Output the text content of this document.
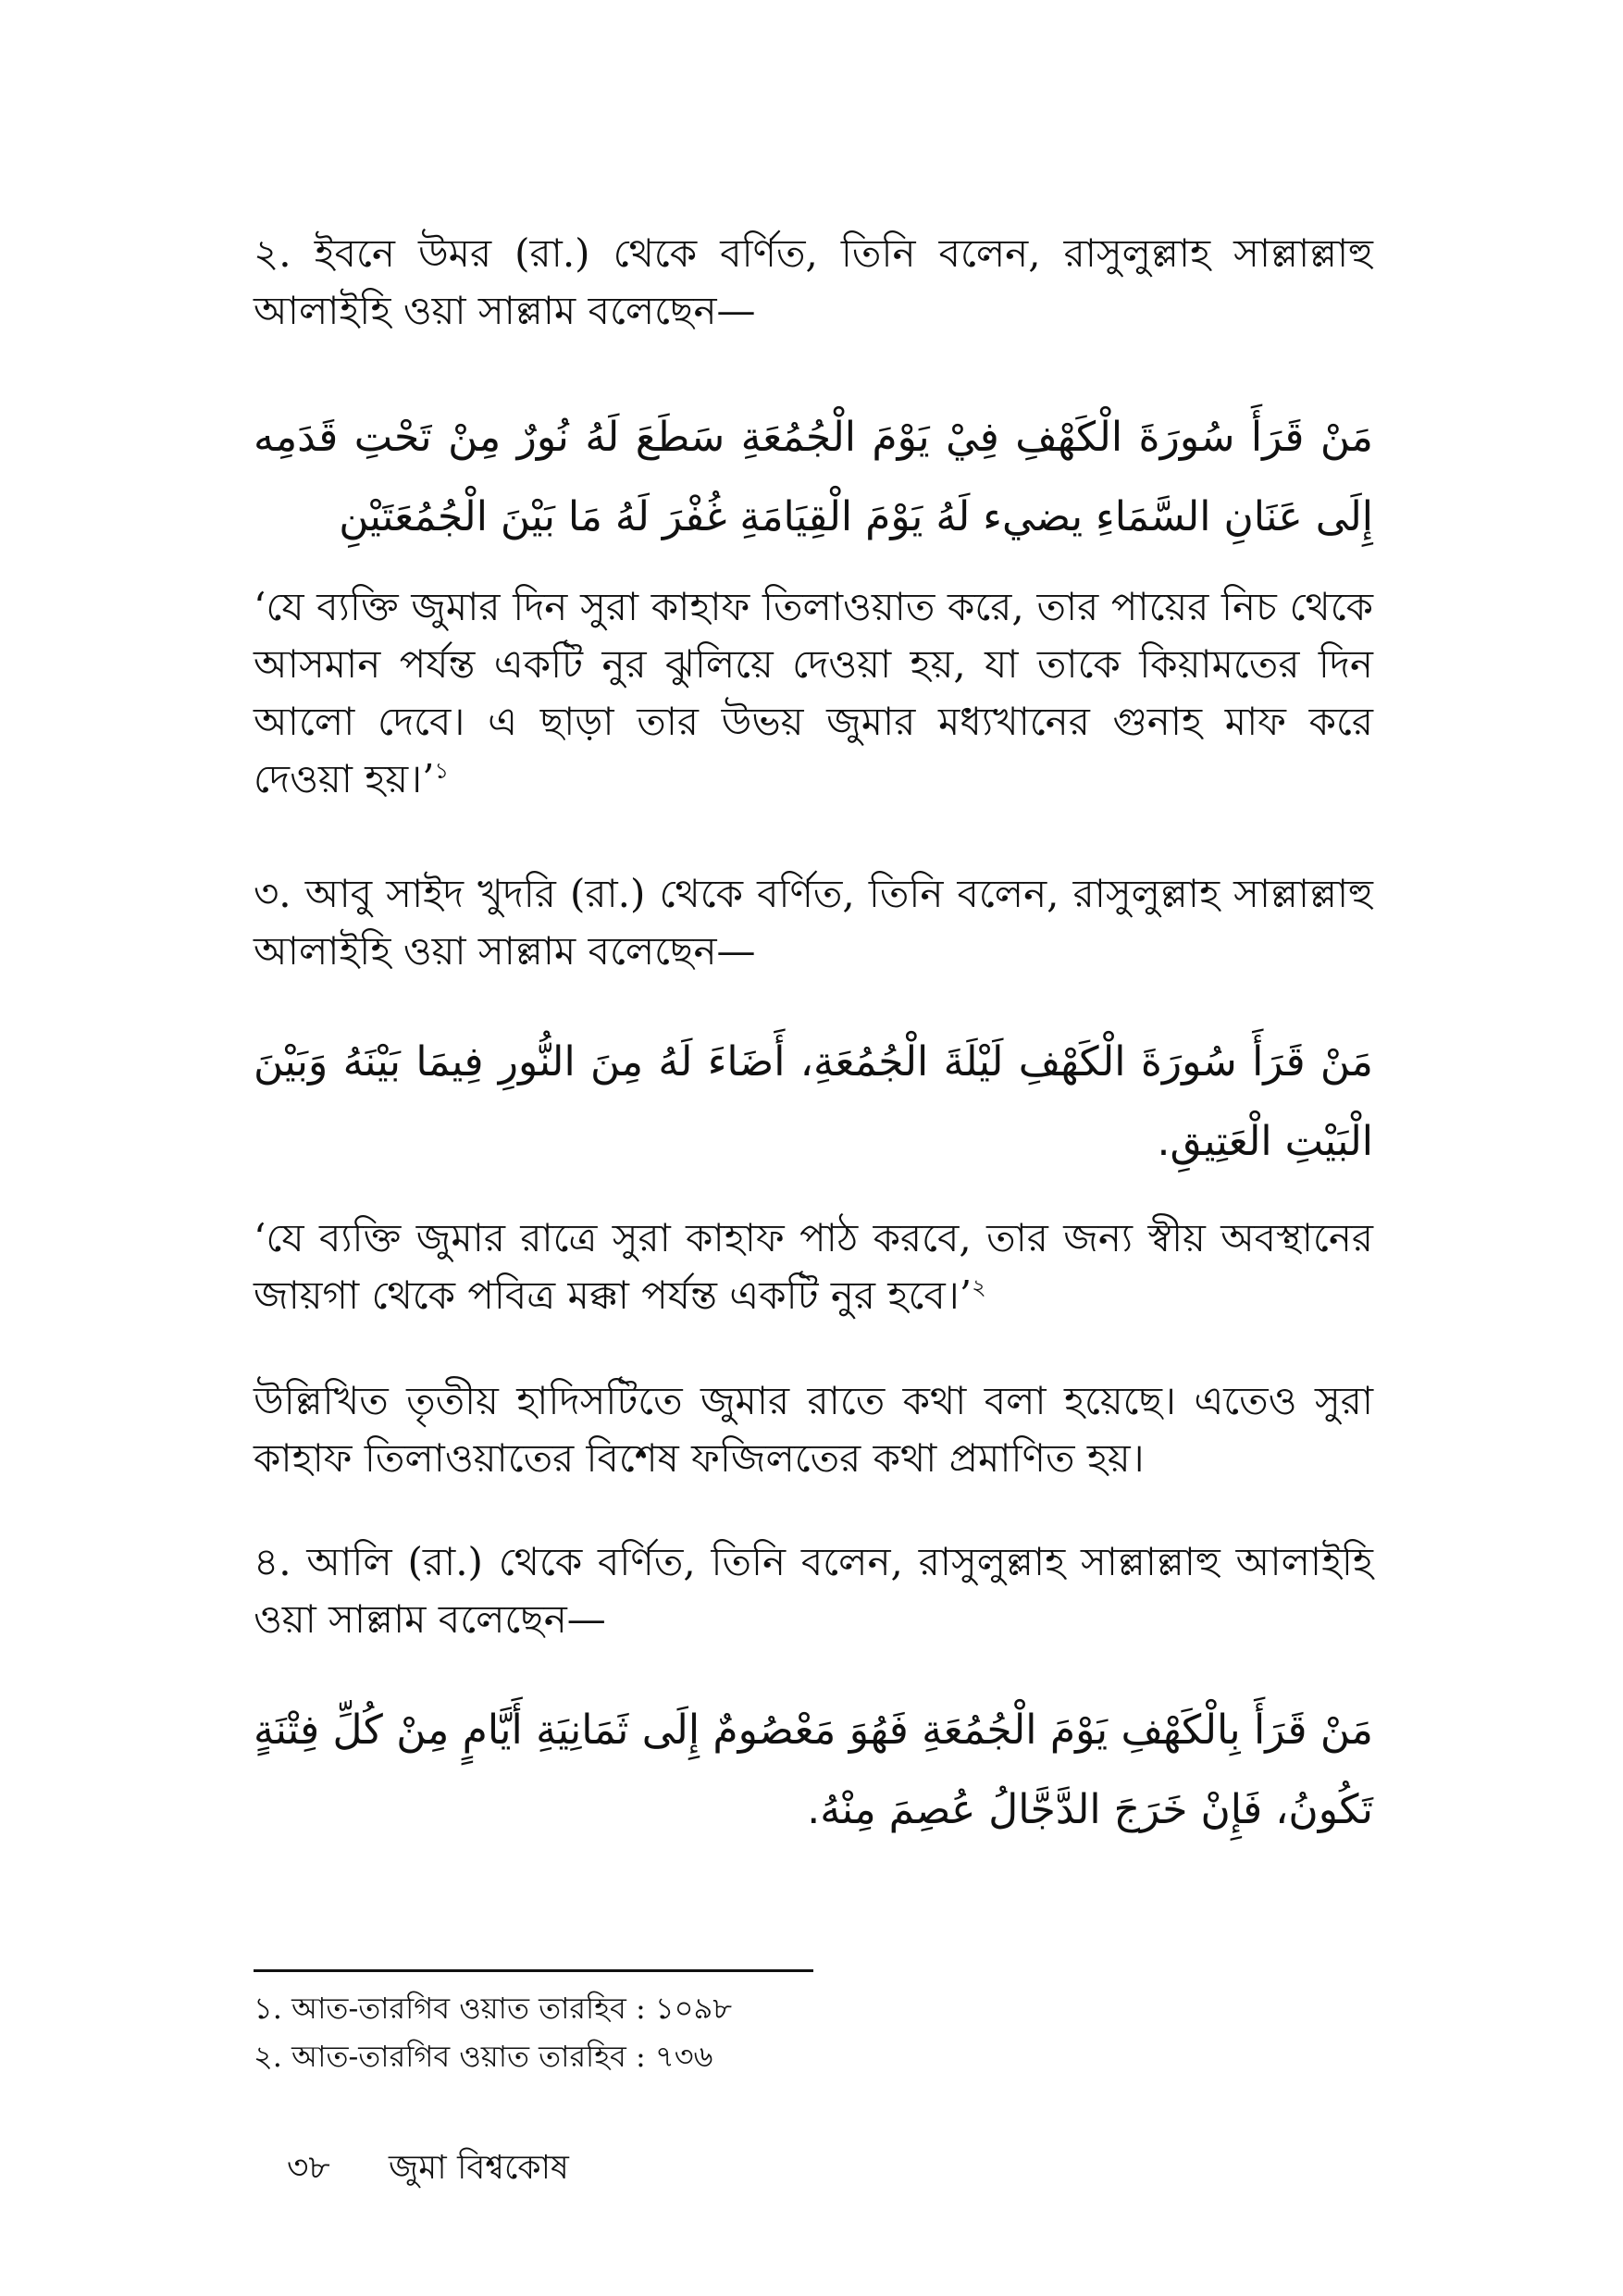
২. ইবনে উমর (রা.) থেকে বর্ণিত, তিনি বলেন, রাসুলুল্লাহ সাল্লাল্লাহু আলাইহি ওয়া সাল্লাম বলেছেন—

مَنْ قَرَأَ سُورَةَ الْكَهْفِ فِيْ يَوْمَ الْجُمُعَةِ سَطَعَ لَهُ نُورٌ مِنْ تَحْتِ قَدَمِه إِلَى عَنَانِ السَّمَاءِ يضيء لَهُ يَوْمَ الْقِيَامَةِ غُفْرَ لَهُ مَا بَيْنَ الْجُمُعَتَيْنِ

‘যে ব্যক্তি জুমার দিন সুরা কাহাফ তিলাওয়াত করে, তার পায়ের নিচ থেকে আসমান পর্যন্ত একটি নুর ঝুলিয়ে দেওয়া হয়, যা তাকে কিয়ামতের দিন আলো দেবে। এ ছাড়া তার উভয় জুমার মধ্যখানের গুনাহ মাফ করে দেওয়া হয়।’$^১$

৩. আবু সাইদ খুদরি (রা.) থেকে বর্ণিত, তিনি বলেন, রাসুলুল্লাহ সাল্লাল্লাহু আলাইহি ওয়া সাল্লাম বলেছেন—

مَنْ قَرَأَ سُورَةَ الْكَهْفِ لَيْلَةَ الْجُمُعَةِ، أَضَاءَ لَهُ مِنَ النُّورِ فِيمَا بَيْنَهُ وَبَيْنَ الْبَيْتِ الْعَتِيقِ.

‘যে ব্যক্তি জুমার রাত্রে সুরা কাহাফ পাঠ করবে, তার জন্য স্বীয় অবস্থানের জায়গা থেকে পবিত্র মক্কা পর্যন্ত একটি নুর হবে।’$^২$

উল্লিখিত তৃতীয় হাদিসটিতে জুমার রাতে কথা বলা হয়েছে। এতেও সুরা কাহাফ তিলাওয়াতের বিশেষ ফজিলতের কথা প্রমাণিত হয়।

৪. আলি (রা.) থেকে বর্ণিত, তিনি বলেন, রাসুলুল্লাহ সাল্লাল্লাহু আলাইহি ওয়া সাল্লাম বলেছেন—

مَنْ قَرَأَ بِالْكَهْفِ يَوْمَ الْجُمُعَةِ فَهُوَ مَعْصُومٌ إِلَى ثَمَانِيَةِ أَيَّامٍ مِنْ كُلِّ فِتْنَةٍ تَكُونُ، فَإِنْ خَرَجَ الدَّجَّالُ عُصِمَ مِنْهُ.

১. আত-তারগিব ওয়াত তারহিব : ১০৯৮

২. আত-তারগিব ওয়াত তারহিব : ৭৩৬

৩৮ জুমা বিশ্বকোষ
